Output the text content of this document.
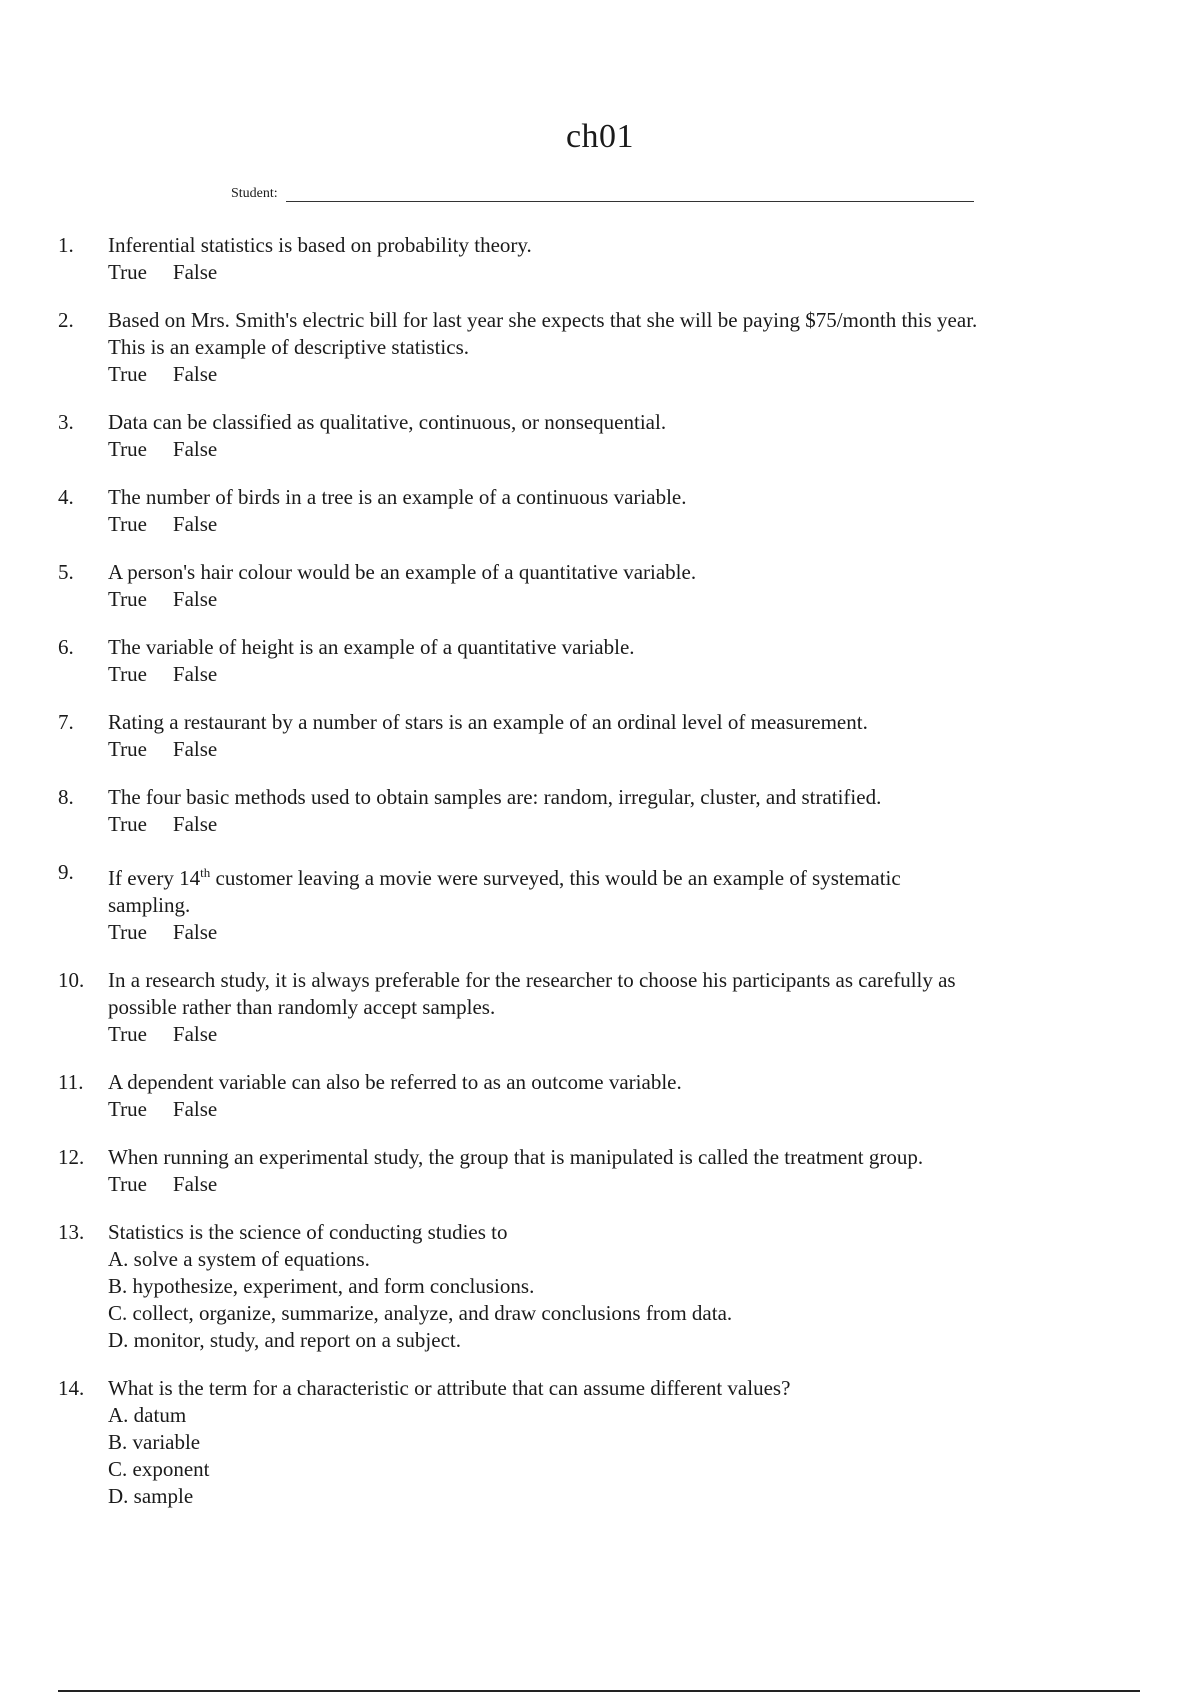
ch01
Student:
1.	Inferential statistics is based on probability theory.
True False
2.	Based on Mrs. Smith's electric bill for last year she expects that she will be paying $75/month this year.
This is an example of descriptive statistics.
True False
3.	Data can be classified as qualitative, continuous, or nonsequential.
True False
4.	The number of birds in a tree is an example of a continuous variable.
True False
5.	A person's hair colour would be an example of a quantitative variable.
True False
6.	The variable of height is an example of a quantitative variable.
True False
7.	Rating a restaurant by a number of stars is an example of an ordinal level of measurement.
True False
8.	The four basic methods used to obtain samples are: random, irregular, cluster, and stratified.
True False
9.	If every 14th customer leaving a movie were surveyed, this would be an example of systematic
sampling.
True False
10.	In a research study, it is always preferable for the researcher to choose his participants as carefully as
possible rather than randomly accept samples.
True False
11.	A dependent variable can also be referred to as an outcome variable.
True False
12.	When running an experimental study, the group that is manipulated is called the treatment group.
True False
13.	Statistics is the science of conducting studies to
A. solve a system of equations.
B. hypothesize, experiment, and form conclusions.
C. collect, organize, summarize, analyze, and draw conclusions from data.
D. monitor, study, and report on a subject.
14.	What is the term for a characteristic or attribute that can assume different values?
A. datum
B. variable
C. exponent
D. sample
